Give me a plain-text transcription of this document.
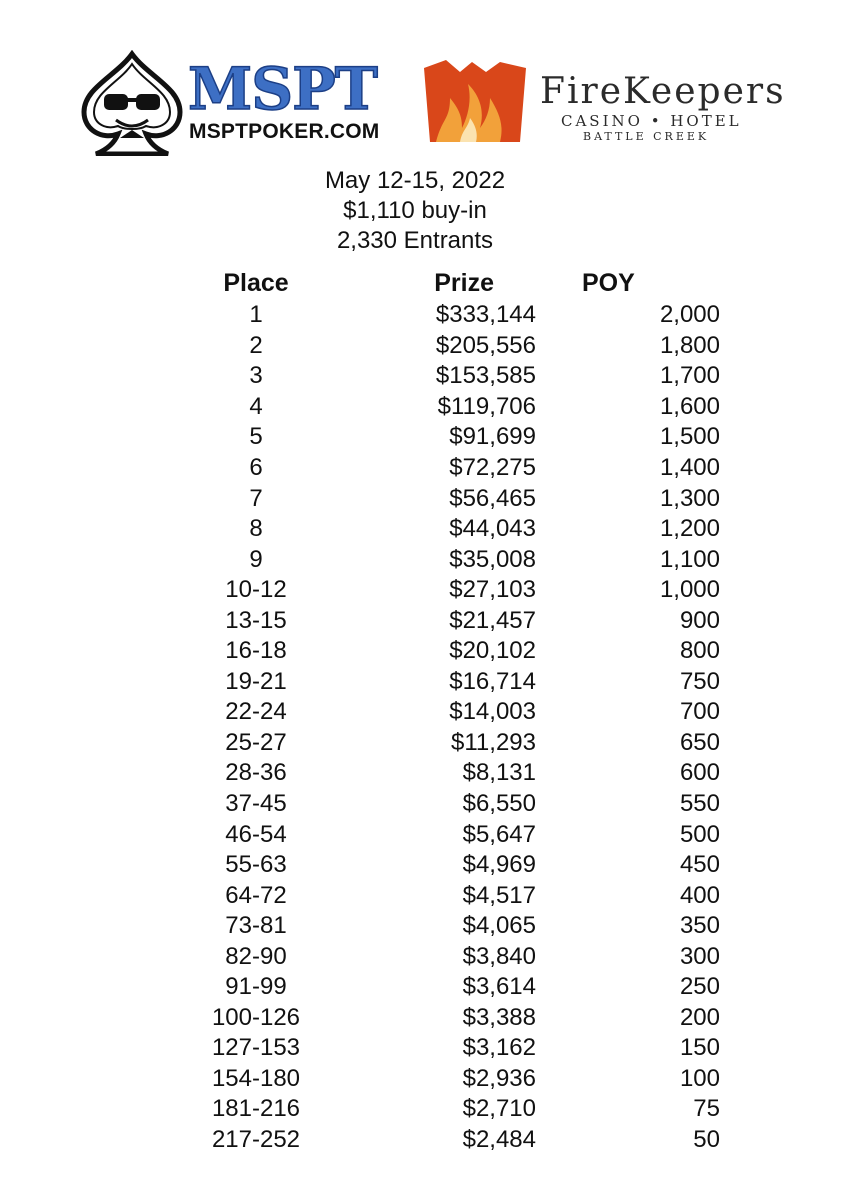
MSPT
MSPTPOKER.COM
FireKeepers
CASINO • HOTEL
BATTLE CREEK
May 12-15, 2022
$1,110 buy-in
2,330 Entrants
Place	Prize	POY
1	$333,144	2,000
2	$205,556	1,800
3	$153,585	1,700
4	$119,706	1,600
5	$91,699	1,500
6	$72,275	1,400
7	$56,465	1,300
8	$44,043	1,200
9	$35,008	1,100
10-12	$27,103	1,000
13-15	$21,457	900
16-18	$20,102	800
19-21	$16,714	750
22-24	$14,003	700
25-27	$11,293	650
28-36	$8,131	600
37-45	$6,550	550
46-54	$5,647	500
55-63	$4,969	450
64-72	$4,517	400
73-81	$4,065	350
82-90	$3,840	300
91-99	$3,614	250
100-126	$3,388	200
127-153	$3,162	150
154-180	$2,936	100
181-216	$2,710	75
217-252	$2,484	50
